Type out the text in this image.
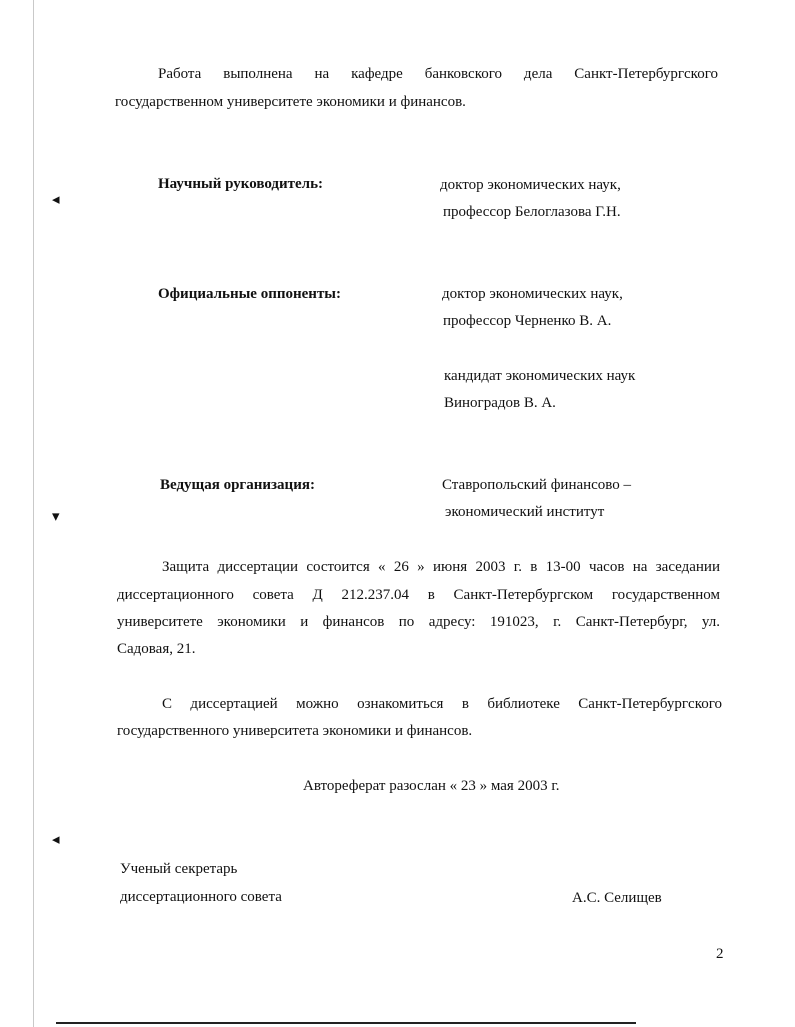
◂
▾
◂
Работа выполнена на кафедре банковского дела Санкт-Петербургского
государственном университете экономики и финансов.
Научный руководитель:	доктор экономических наук,
профессор Белоглазова Г.Н.
Официальные оппоненты:	доктор экономических наук,
профессор Черненко В. А.
кандидат экономических наук
Виноградов В. А.
Ведущая организация:	Ставропольский финансово –
экономический институт
Защита диссертации состоится « 26 » июня 2003 г. в 13-00 часов на заседании
диссертационного совета Д 212.237.04 в Санкт-Петербургском государственном
университете экономики и финансов по адресу: 191023, г. Санкт-Петербург, ул.
Садовая, 21.
С диссертацией можно ознакомиться в библиотеке Санкт-Петербургского
государственного университета экономики и финансов.
Автореферат разослан « 23 » мая 2003 г.
Ученый секретарь
диссертационного совета	А.С. Селищев
2
